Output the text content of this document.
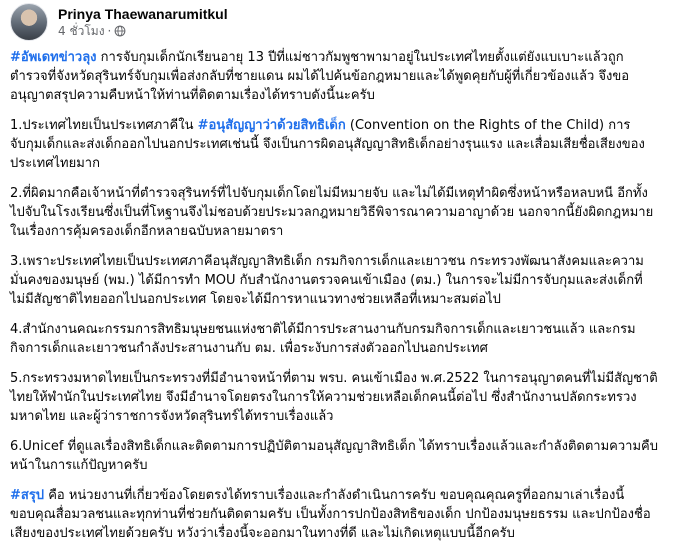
Prinya Thaewanarumitkul
4 ชั่วโมง ·

#อัพเดทข่าวลุง การจับกุมเด็กนักเรียนอายุ 13 ปีที่แม่ชาวกัมพูชาพามาอยู่ในประเทศไทยตั้งแต่ยังแบเบาะแล้วถูกตำรวจที่จังหวัดสุรินทร์จับกุมเพื่อส่งกลับที่ชายแดน ผมได้ไปค้นข้อกฎหมายและได้พูดคุยกับผู้ที่เกี่ยวข้องแล้ว จึงขออนุญาตสรุปความคืบหน้าให้ท่านที่ติดตามเรื่องได้ทราบดังนี้นะครับ

1.ประเทศไทยเป็นประเทศภาคีใน #อนุสัญญาว่าด้วยสิทธิเด็ก (Convention on the Rights of the Child) การจับกุมเด็กและส่งเด็กออกไปนอกประเทศเช่นนี้ จึงเป็นการผิดอนุสัญญาสิทธิเด็กอย่างรุนแรง และเสื่อมเสียชื่อเสียงของประเทศไทยมาก

2.ที่ผิดมากคือเจ้าหน้าที่ตำรวจสุรินทร์ที่ไปจับกุมเด็กโดยไม่มีหมายจับ และไม่ได้มีเหตุทำผิดซึ่งหน้าหรือหลบหนี อีกทั้งไปจับในโรงเรียนซึ่งเป็นที่โหฐานจึงไม่ชอบด้วยประมวลกฎหมายวิธีพิจารณาความอาญาด้วย นอกจากนี้ยังผิดกฎหมายในเรื่องการคุ้มครองเด็กอีกหลายฉบับหลายมาตรา

3.เพราะประเทศไทยเป็นประเทศภาคีอนุสัญญาสิทธิเด็ก กรมกิจการเด็กและเยาวชน กระทรวงพัฒนาสังคมและความมั่นคงของมนุษย์ (พม.) ได้มีการทำ MOU กับสำนักงานตรวจคนเข้าเมือง (ตม.) ในการจะไม่มีการจับกุมและส่งเด็กที่ไม่มีสัญชาติไทยออกไปนอกประเทศ โดยจะได้มีการหาแนวทางช่วยเหลือที่เหมาะสมต่อไป

4.สำนักงานคณะกรรมการสิทธิมนุษยชนแห่งชาติได้มีการประสานงานกับกรมกิจการเด็กและเยาวชนแล้ว และกรมกิจการเด็กและเยาวชนกำลังประสานงานกับ ตม. เพื่อระงับการส่งตัวออกไปนอกประเทศ

5.กระทรวงมหาดไทยเป็นกระทรวงที่มีอำนาจหน้าที่ตาม พรบ. คนเข้าเมือง พ.ศ.2522 ในการอนุญาตคนที่ไม่มีสัญชาติไทยให้พำนักในประเทศไทย จึงมีอำนาจโดยตรงในการให้ความช่วยเหลือเด็กคนนี้ต่อไป ซึ่งสำนักงานปลัดกระทรวงมหาดไทย และผู้ว่าราชการจังหวัดสุรินทร์ได้ทราบเรื่องแล้ว

6.Unicef ที่ดูแลเรื่องสิทธิเด็กและติดตามการปฏิบัติตามอนุสัญญาสิทธิเด็ก ได้ทราบเรื่องแล้วและกำลังติดตามความคืบหน้าในการแก้ปัญหาครับ

#สรุป คือ หน่วยงานที่เกี่ยวข้องโดยตรงได้ทราบเรื่องและกำลังดำเนินการครับ ขอบคุณคุณครูที่ออกมาเล่าเรื่องนี้ ขอบคุณสื่อมวลชนและทุกท่านที่ช่วยกันติดตามครับ เป็นทั้งการปกป้องสิทธิของเด็ก ปกป้องมนุษยธรรม และปกป้องชื่อเสียงของประเทศไทยด้วยครับ หวังว่าเรื่องนี้จะออกมาในทางที่ดี และไม่เกิดเหตุแบบนี้อีกครับ
